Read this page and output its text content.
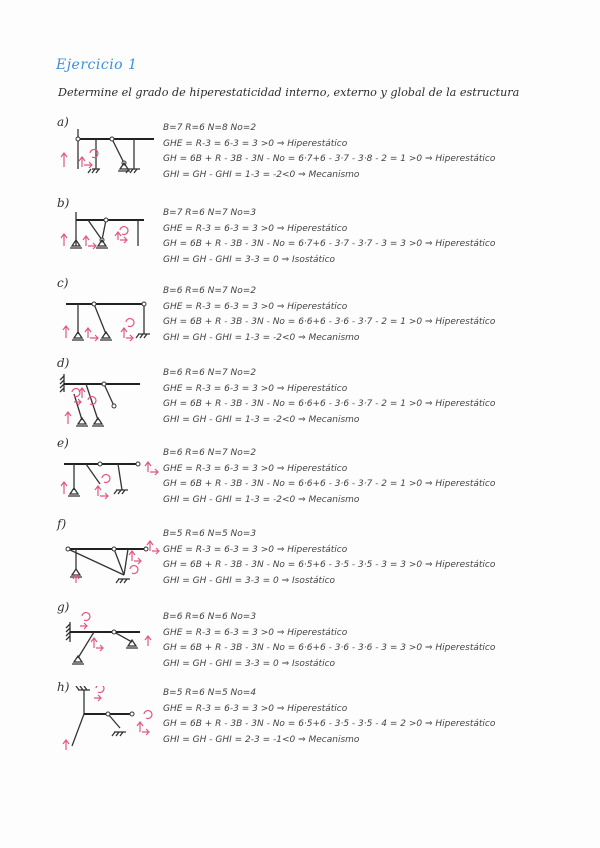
Ejercicio 1
Determine el grado de hiperestaticidad interno, externo y global de la estructura
a)	B=7 R=6 N=8 No=2
GHE = R-3 = 6-3 = 3 >0 ⇒ Hiperestático
GH = 6B + R - 3B - 3N - No = 6·7+6 - 3·7 - 3·8 - 2 = 1 >0 ⇒ Hiperestático
GHI = GH - GHI = 1-3 = -2<0 ⇒ Mecanismo
b)
B=7 R=6 N=7 No=3
GHE = R-3 = 6-3 = 3 >0 ⇒ Hiperestático
GH = 6B + R - 3B - 3N - No = 6·7+6 - 3·7 - 3·7 - 3 = 3 >0 ⇒ Hiperestático
GHI = GH - GHI = 3-3 = 0 ⇒ Isostático
c)
B=6 R=6 N=7 No=2
GHE = R-3 = 6-3 = 3 >0 ⇒ Hiperestático
GH = 6B + R - 3B - 3N - No = 6·6+6 - 3·6 - 3·7 - 2 = 1 >0 ⇒ Hiperestático
GHI = GH - GHI = 1-3 = -2<0 ⇒ Mecanismo
d)
B=6 R=6 N=7 No=2
GHE = R-3 = 6-3 = 3 >0 ⇒ Hiperestático
GH = 6B + R - 3B - 3N - No = 6·6+6 - 3·6 - 3·7 - 2 = 1 >0 ⇒ Hiperestático
GHI = GH - GHI = 1-3 = -2<0 ⇒ Mecanismo
e)
B=6 R=6 N=7 No=2
GHE = R-3 = 6-3 = 3 >0 ⇒ Hiperestático
GH = 6B + R - 3B - 3N - No = 6·6+6 - 3·6 - 3·7 - 2 = 1 >0 ⇒ Hiperestático
GHI = GH - GHI = 1-3 = -2<0 ⇒ Mecanismo
f)
B=5 R=6 N=5 No=3
GHE = R-3 = 6-3 = 3 >0 ⇒ Hiperestático
GH = 6B + R - 3B - 3N - No = 6·5+6 - 3·5 - 3·5 - 3 = 3 >0 ⇒ Hiperestático
GHI = GH - GHI = 3-3 = 0 ⇒ Isostático
g)
B=6 R=6 N=6 No=3
GHE = R-3 = 6-3 = 3 >0 ⇒ Hiperestático
GH = 6B + R - 3B - 3N - No = 6·6+6 - 3·6 - 3·6 - 3 = 3 >0 ⇒ Hiperestático
GHI = GH - GHI = 3-3 = 0 ⇒ Isostático
h)	B=5 R=6 N=5 No=4
GHE = R-3 = 6-3 = 3 >0 ⇒ Hiperestático
GH = 6B + R - 3B - 3N - No = 6·5+6 - 3·5 - 3·5 - 4 = 2 >0 ⇒ Hiperestático
GHI = GH - GHI = 2-3 = -1<0 ⇒ Mecanismo
